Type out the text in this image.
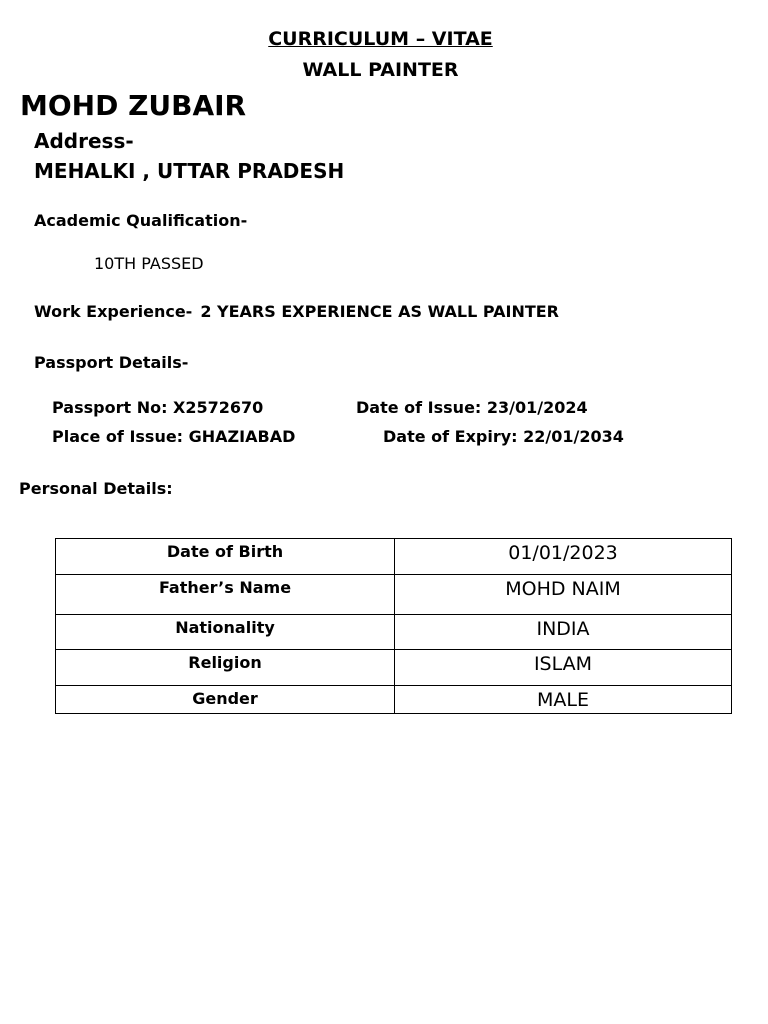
CURRICULUM – VITAE
WALL PAINTER
MOHD ZUBAIR
Address-
MEHALKI , UTTAR PRADESH
Academic Qualification-
10TH PASSED
Work Experience- 2 YEARS EXPERIENCE AS WALL PAINTER
Passport Details-
Passport No: X2572670	Date of Issue: 23/01/2024
Place of Issue: GHAZIABAD	Date of Expiry: 22/01/2034
Personal Details:
Date of Birth	01/01/2023
Father’s Name	MOHD NAIM
Nationality	INDIA
Religion	ISLAM
Gender	MALE
